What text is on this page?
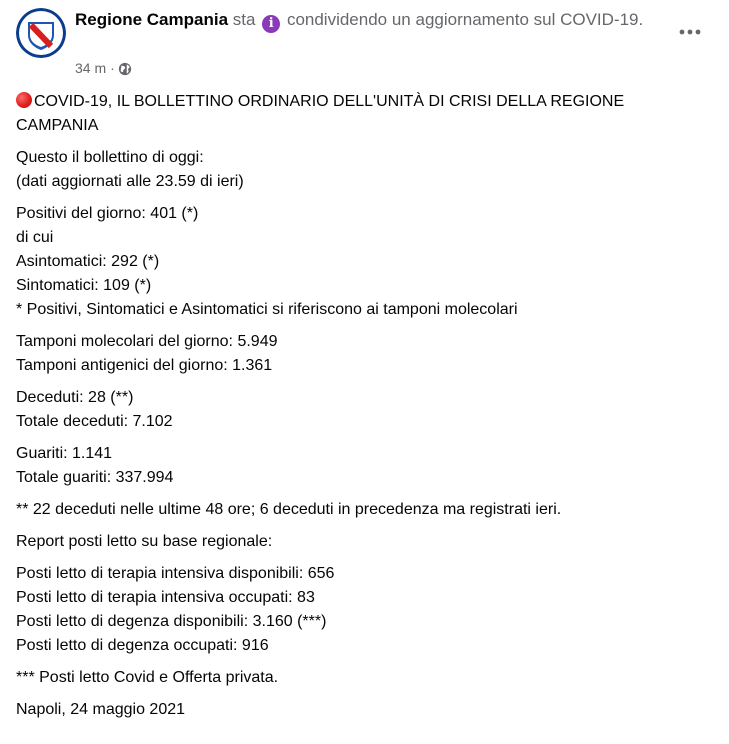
Regione Campania sta i condividendo un aggiornamento sul COVID-19.
34 m ·

COVID-19, IL BOLLETTINO ORDINARIO DELL'UNITÀ DI CRISI DELLA REGIONE CAMPANIA

Questo il bollettino di oggi:
(dati aggiornati alle 23.59 di ieri)

Positivi del giorno: 401 (*)
di cui
Asintomatici: 292 (*)
Sintomatici: 109 (*)
* Positivi, Sintomatici e Asintomatici si riferiscono ai tamponi molecolari

Tamponi molecolari del giorno: 5.949
Tamponi antigenici del giorno: 1.361

Deceduti: 28 (**)
Totale deceduti: 7.102

Guariti: 1.141
Totale guariti: 337.994

** 22 deceduti nelle ultime 48 ore; 6 deceduti in precedenza ma registrati ieri.

Report posti letto su base regionale:

Posti letto di terapia intensiva disponibili: 656
Posti letto di terapia intensiva occupati: 83
Posti letto di degenza disponibili: 3.160 (***)
Posti letto di degenza occupati: 916

*** Posti letto Covid e Offerta privata.

Napoli, 24 maggio 2021
